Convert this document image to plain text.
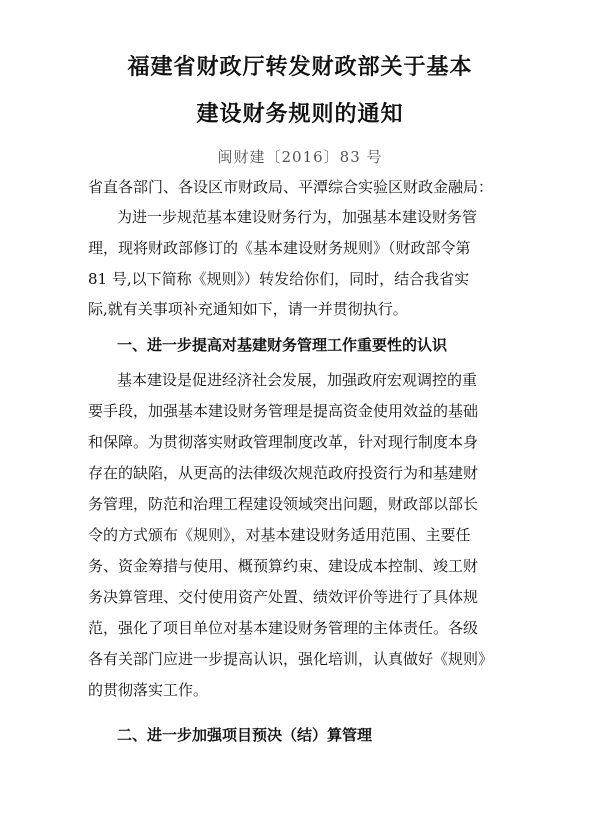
福建省财政厅转发财政部关于基本
建设财务规则的通知
闽财建〔2016〕83 号
省直各部门、各设区市财政局、平潭综合实验区财政金融局：
为进一步规范基本建设财务行为，加强基本建设财务管
理，现将财政部修订的《基本建设财务规则》（财政部令第
81 号,以下简称《规则》）转发给你们，同时，结合我省实
际,就有关事项补充通知如下，请一并贯彻执行。
一、进一步提高对基建财务管理工作重要性的认识
基本建设是促进经济社会发展，加强政府宏观调控的重
要手段，加强基本建设财务管理是提高资金使用效益的基础
和保障。为贯彻落实财政管理制度改革，针对现行制度本身
存在的缺陷，从更高的法律级次规范政府投资行为和基建财
务管理，防范和治理工程建设领域突出问题，财政部以部长
令的方式颁布《规则》，对基本建设财务适用范围、主要任
务、资金筹措与使用、概预算约束、建设成本控制、竣工财
务决算管理、交付使用资产处置、绩效评价等进行了具体规
范，强化了项目单位对基本建设财务管理的主体责任。各级
各有关部门应进一步提高认识，强化培训，认真做好《规则》
的贯彻落实工作。
二、进一步加强项目预决（结）算管理
